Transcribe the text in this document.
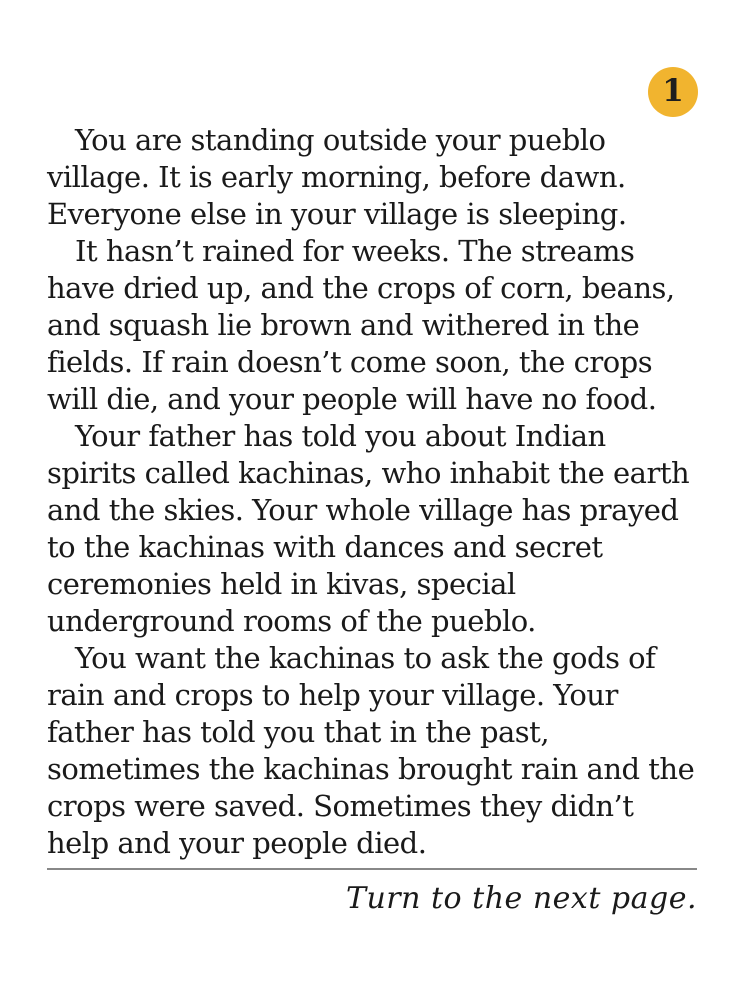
1

You are standing outside your pueblo village. It is early morning, before dawn. Everyone else in your village is sleeping.

It hasn’t rained for weeks. The streams have dried up, and the crops of corn, beans, and squash lie brown and withered in the fields. If rain doesn’t come soon, the crops will die, and your people will have no food.

Your father has told you about Indian spirits called kachinas, who inhabit the earth and the skies. Your whole village has prayed to the kachinas with dances and secret ceremonies held in kivas, special underground rooms of the pueblo.

You want the kachinas to ask the gods of rain and crops to help your village. Your father has told you that in the past, sometimes the kachinas brought rain and the crops were saved. Sometimes they didn’t help and your people died.

Turn to the next page.
